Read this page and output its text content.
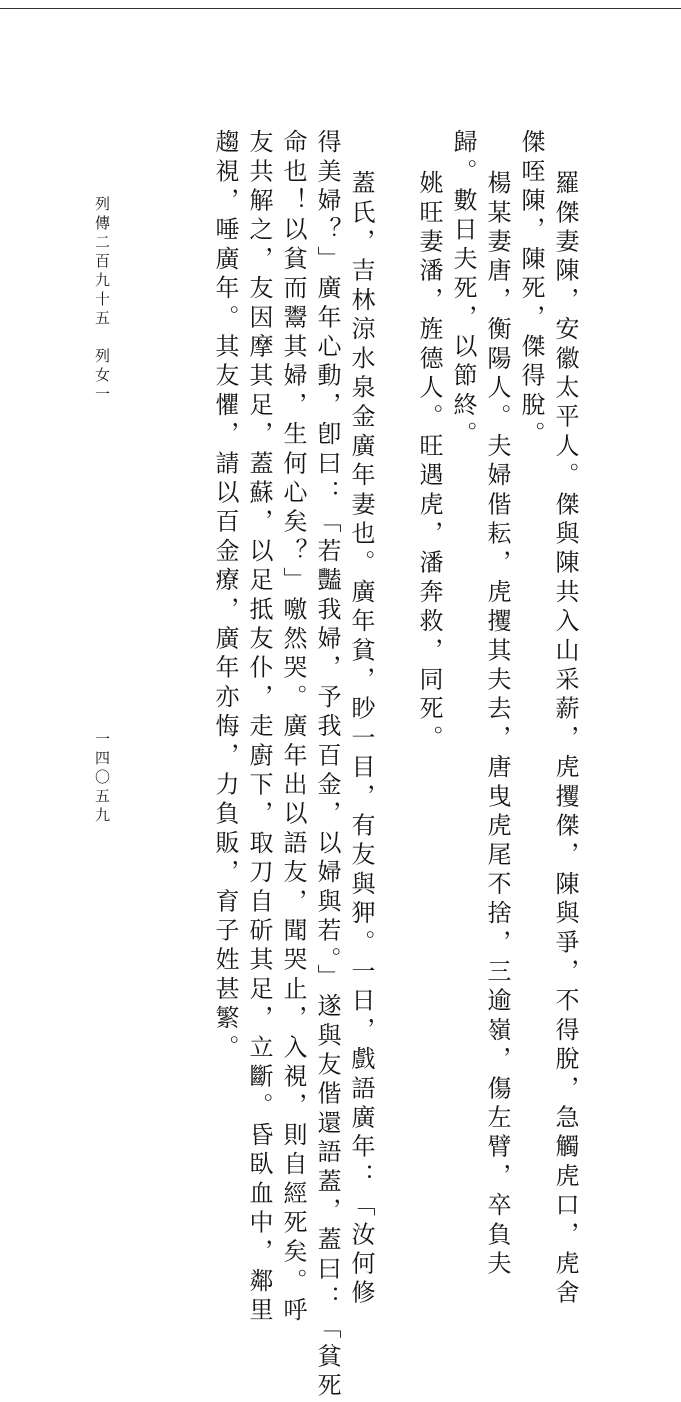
羅傑妻陳，安徽太平人。傑與陳共入山采薪，虎攫傑，陳與爭，不得脫，急觸虎口，虎舍
傑咥陳，陳死，傑得脫。
楊某妻唐，衡陽人。夫婦偕耘，虎攫其夫去，唐曳虎尾不捨，三逾嶺，傷左臂，卒負夫
歸。數日夫死，以節終。
姚旺妻潘，旌德人。旺遇虎，潘奔救，同死。
蓋氏，吉林涼水泉金廣年妻也。廣年貧，眇一目，有友與狎。一日，戲語廣年：「汝何修
得美婦？」廣年心動，卽曰：「若豔我婦，予我百金，以婦與若。」遂與友偕還語蓋，蓋曰：「貧死
命也！以貧而鬻其婦，生何心矣？」噭然哭。廣年出以語友，聞哭止，入視，則自經死矣。呼
友共解之，友因摩其足，蓋蘇，以足抵友仆，走廚下，取刀自斫其足，立斷。昏臥血中，鄰里
趨視，唾廣年。其友懼，請以百金療，廣年亦悔，力負販，育子姓甚繁。
列傳二百九十五　列女一
一四〇五九
